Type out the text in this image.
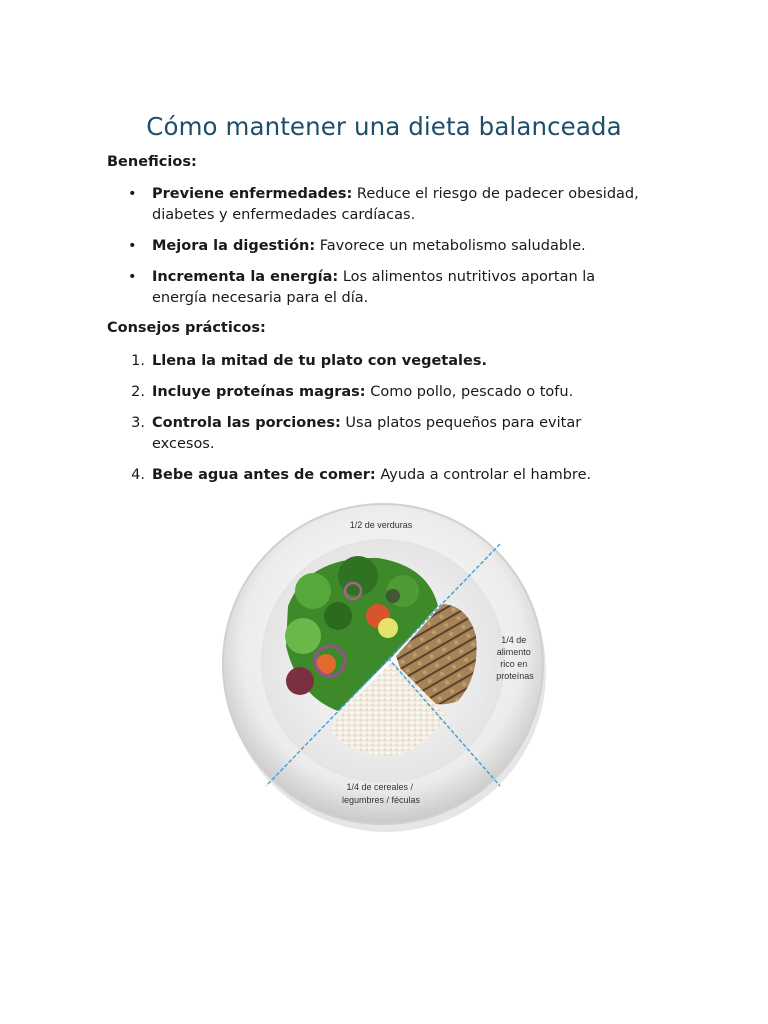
Cómo mantener una dieta balanceada
Beneficios:
• Previene enfermedades: Reduce el riesgo de padecer obesidad, diabetes y enfermedades cardíacas.
• Mejora la digestión: Favorece un metabolismo saludable.
• Incrementa la energía: Los alimentos nutritivos aportan la energía necesaria para el día.
Consejos prácticos:
1. Llena la mitad de tu plato con vegetales.
2. Incluye proteínas magras: Como pollo, pescado o tofu.
3. Controla las porciones: Usa platos pequeños para evitar excesos.
4. Bebe agua antes de comer: Ayuda a controlar el hambre.
1/2 de verduras
1/4 de alimento rico en proteínas
1/4 de cereales / legumbres / féculas
